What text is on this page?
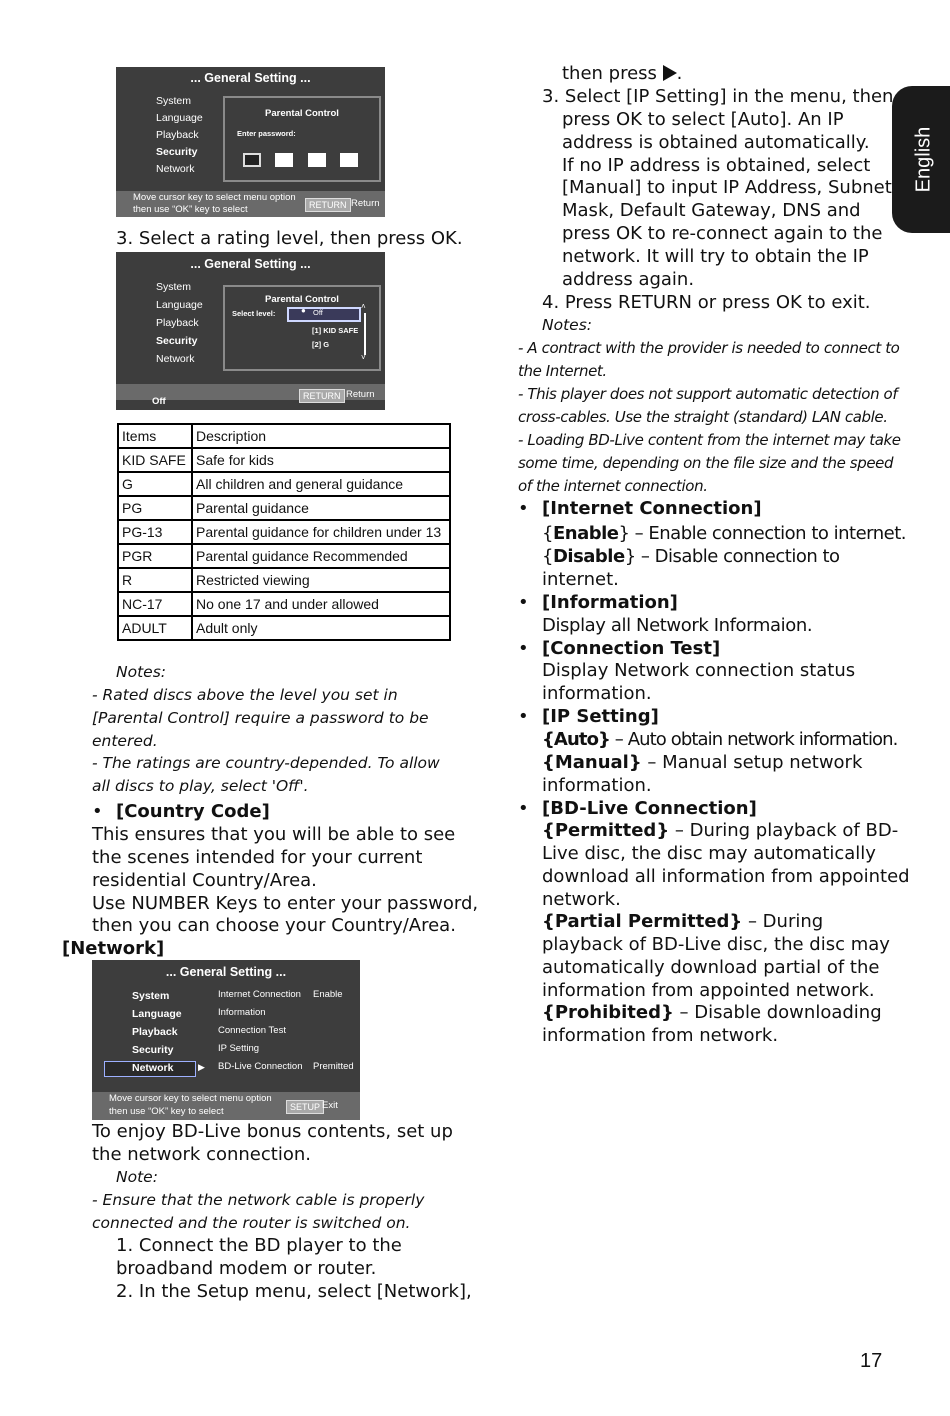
English
... General Setting ...
System
Language
Playback
Security
Network
Parental Control
Enter password:
Move cursor key to select menu option
then use “OK” key to select	RETURN Return
3. Select a rating level, then press OK.
... General Setting ...
System
Language
Playback
Security
Network
Parental Control
Select level:	● Off
[1] KID SAFE
[2] G
˄
˅
RETURN Return
Off
Items	Description
KID SAFE	Safe for kids
G	All children and general guidance
PG	Parental guidance
PG-13	Parental guidance for children under 13
PGR	Parental guidance Recommended
R	Restricted viewing
NC-17	No one 17 and under allowed
ADULT	Adult only
Notes:
- Rated discs above the level you set in
[Parental Control] require a password to be
entered.
- The ratings are country-depended. To allow
all discs to play, select 'Off'.
• [Country Code]
This ensures that you will be able to see
the scenes intended for your current
residential Country/Area.
Use NUMBER Keys to enter your password,
then you can choose your Country/Area.
[Network]
... General Setting ...
System
Language
Playback
Security
Network	▶
Internet Connection
Information
Connection Test
IP Setting
BD-Live Connection
Enable
Premitted
Move cursor key to select menu option
then use “OK” key to select	SETUP Exit
To enjoy BD-Live bonus contents, set up
the network connection.
Note:
- Ensure that the network cable is properly
connected and the router is switched on.
1. Connect the BD player to the
broadband modem or router.
2. In the Setup menu, select [Network],
then press .
3. Select [IP Setting] in the menu, then
press OK to select [Auto]. An IP
address is obtained automatically.
If no IP address is obtained, select
[Manual] to input IP Address, Subnet
Mask, Default Gateway, DNS and
press OK to re-connect again to the
network. It will try to obtain the IP
address again.
4. Press RETURN or press OK to exit.
Notes:
- A contract with the provider is needed to connect to
the Internet.
- This player does not support automatic detection of
cross-cables. Use the straight (standard) LAN cable.
- Loading BD-Live content from the internet may take
some time, depending on the file size and the speed
of the internet connection.
• [Internet Connection]
{Enable} – Enable connection to internet.
{Disable} – Disable connection to
internet.
• [Information]
Display all Network Informaion.
• [Connection Test]
Display Network connection status
information.
• [IP Setting]
{Auto} – Auto obtain network information.
{Manual} – Manual setup network
information.
• [BD-Live Connection]
{Permitted} – During playback of BD-
Live disc, the disc may automatically
download all information from appointed
network.
{Partial Permitted} – During
playback of BD-Live disc, the disc may
automatically download partial of the
information from appointed network.
{Prohibited} – Disable downloading
information from network.
17
